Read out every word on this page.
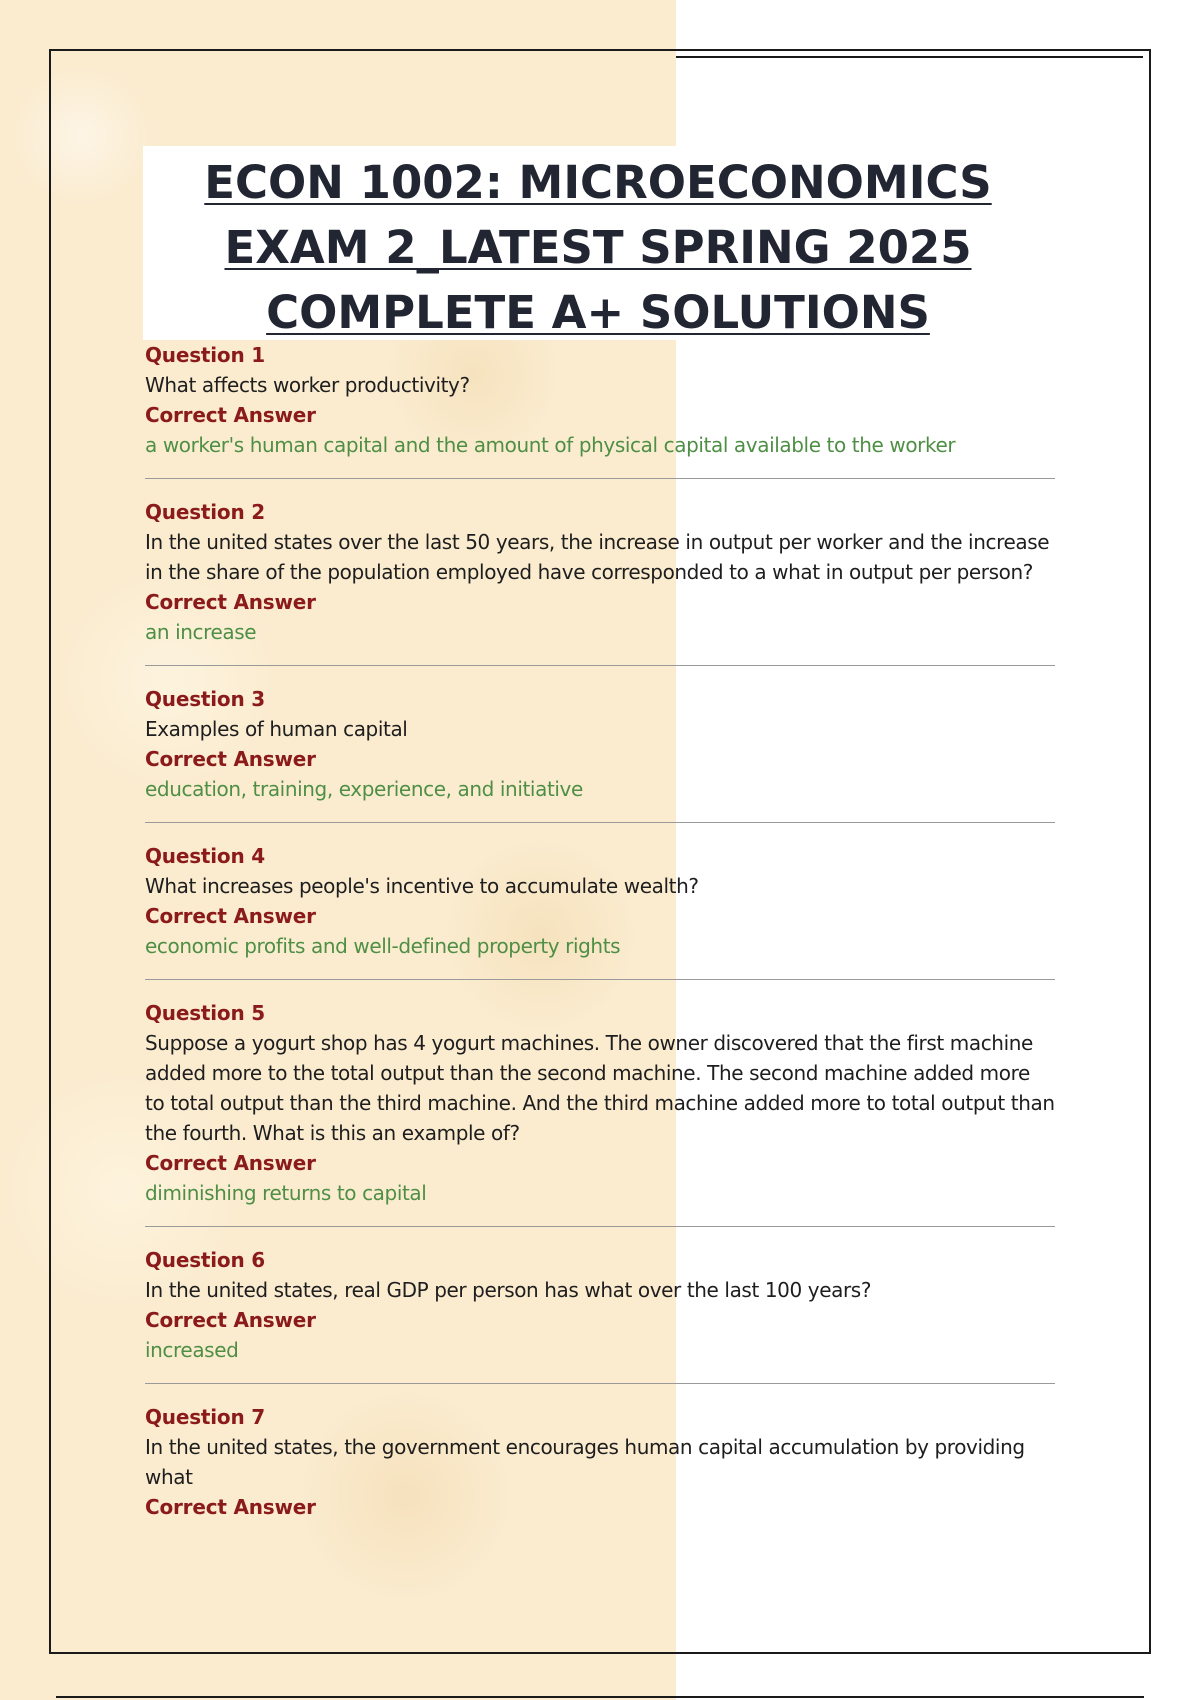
ECON 1002: MICROECONOMICS EXAM 2_LATEST SPRING 2025 COMPLETE A+ SOLUTIONS
Question 1
What affects worker productivity?
Correct Answer
a worker's human capital and the amount of physical capital available to the worker
Question 2
In the united states over the last 50 years, the increase in output per worker and the increase in the share of the population employed have corresponded to a what in output per person?
Correct Answer
an increase
Question 3
Examples of human capital
Correct Answer
education, training, experience, and initiative
Question 4
What increases people's incentive to accumulate wealth?
Correct Answer
economic profits and well-defined property rights
Question 5
Suppose a yogurt shop has 4 yogurt machines. The owner discovered that the first machine added more to the total output than the second machine. The second machine added more to total output than the third machine. And the third machine added more to total output than the fourth. What is this an example of?
Correct Answer
diminishing returns to capital
Question 6
In the united states, real GDP per person has what over the last 100 years?
Correct Answer
increased
Question 7
In the united states, the government encourages human capital accumulation by providing what
Correct Answer
